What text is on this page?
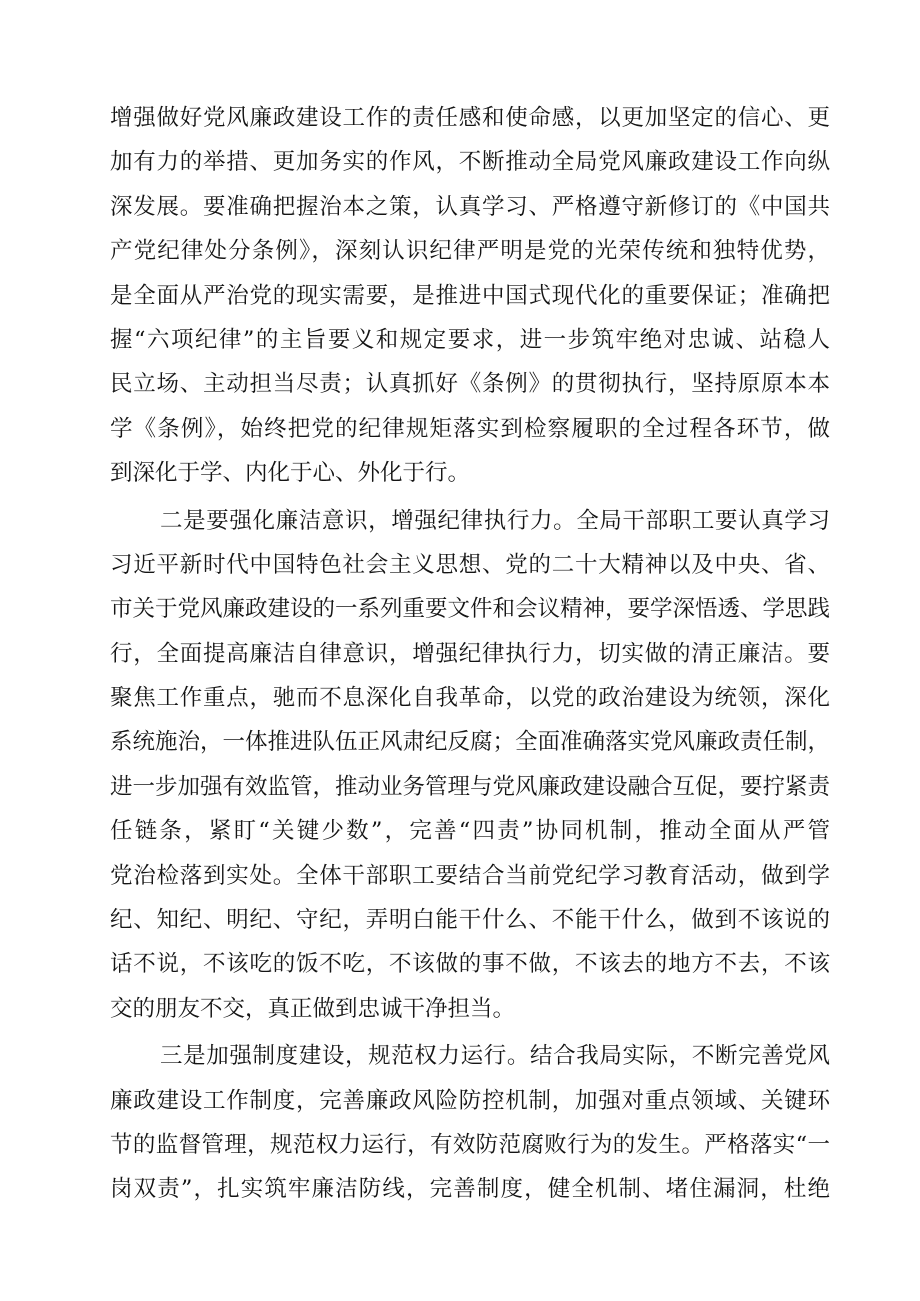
增强做好党风廉政建设工作的责任感和使命感，以更加坚定的信心、更
加有力的举措、更加务实的作风，不断推动全局党风廉政建设工作向纵
深发展。要准确把握治本之策，认真学习、严格遵守新修订的《中国共
产党纪律处分条例》，深刻认识纪律严明是党的光荣传统和独特优势，
是全面从严治党的现实需要，是推进中国式现代化的重要保证；准确把
握“六项纪律”的主旨要义和规定要求，进一步筑牢绝对忠诚、站稳人
民立场、主动担当尽责；认真抓好《条例》的贯彻执行，坚持原原本本
学《条例》，始终把党的纪律规矩落实到检察履职的全过程各环节，做
到深化于学、内化于心、外化于行。
二是要强化廉洁意识，增强纪律执行力。全局干部职工要认真学习
习近平新时代中国特色社会主义思想、党的二十大精神以及中央、省、
市关于党风廉政建设的一系列重要文件和会议精神，要学深悟透、学思践
行，全面提高廉洁自律意识，增强纪律执行力，切实做的清正廉洁。要
聚焦工作重点，驰而不息深化自我革命，以党的政治建设为统领，深化
系统施治，一体推进队伍正风肃纪反腐；全面准确落实党风廉政责任制，
进一步加强有效监管，推动业务管理与党风廉政建设融合互促，要拧紧责
任链条，紧盯“关键少数”，完善“四责”协同机制，推动全面从严管
党治检落到实处。全体干部职工要结合当前党纪学习教育活动，做到学
纪、知纪、明纪、守纪，弄明白能干什么、不能干什么，做到不该说的
话不说，不该吃的饭不吃，不该做的事不做，不该去的地方不去，不该
交的朋友不交，真正做到忠诚干净担当。
三是加强制度建设，规范权力运行。结合我局实际，不断完善党风
廉政建设工作制度，完善廉政风险防控机制，加强对重点领域、关键环
节的监督管理，规范权力运行，有效防范腐败行为的发生。严格落实“一
岗双责”，扎实筑牢廉洁防线，完善制度，健全机制、堵住漏洞，杜绝
